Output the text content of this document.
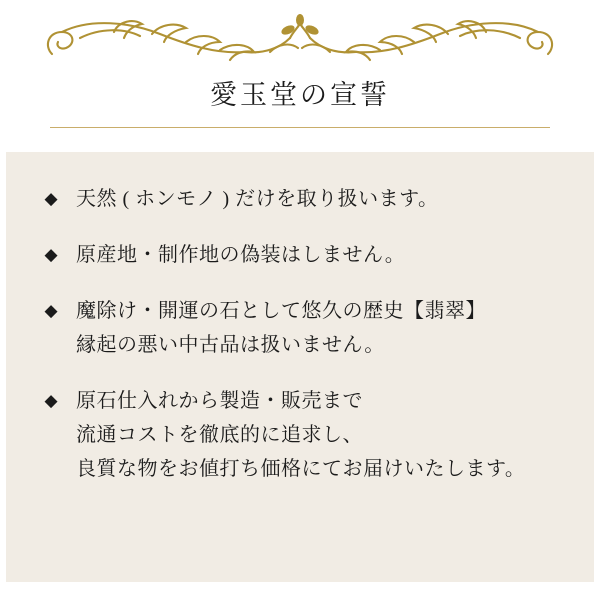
愛玉堂の宣誓
◆ 天然 ( ホンモノ ) だけを取り扱います。
◆ 原産地・制作地の偽装はしません。
◆ 魔除け・開運の石として悠久の歴史【翡翠】
縁起の悪い中古品は扱いません。
◆ 原石仕入れから製造・販売まで
流通コストを徹底的に追求し、
良質な物をお値打ち価格にてお届けいたします。
